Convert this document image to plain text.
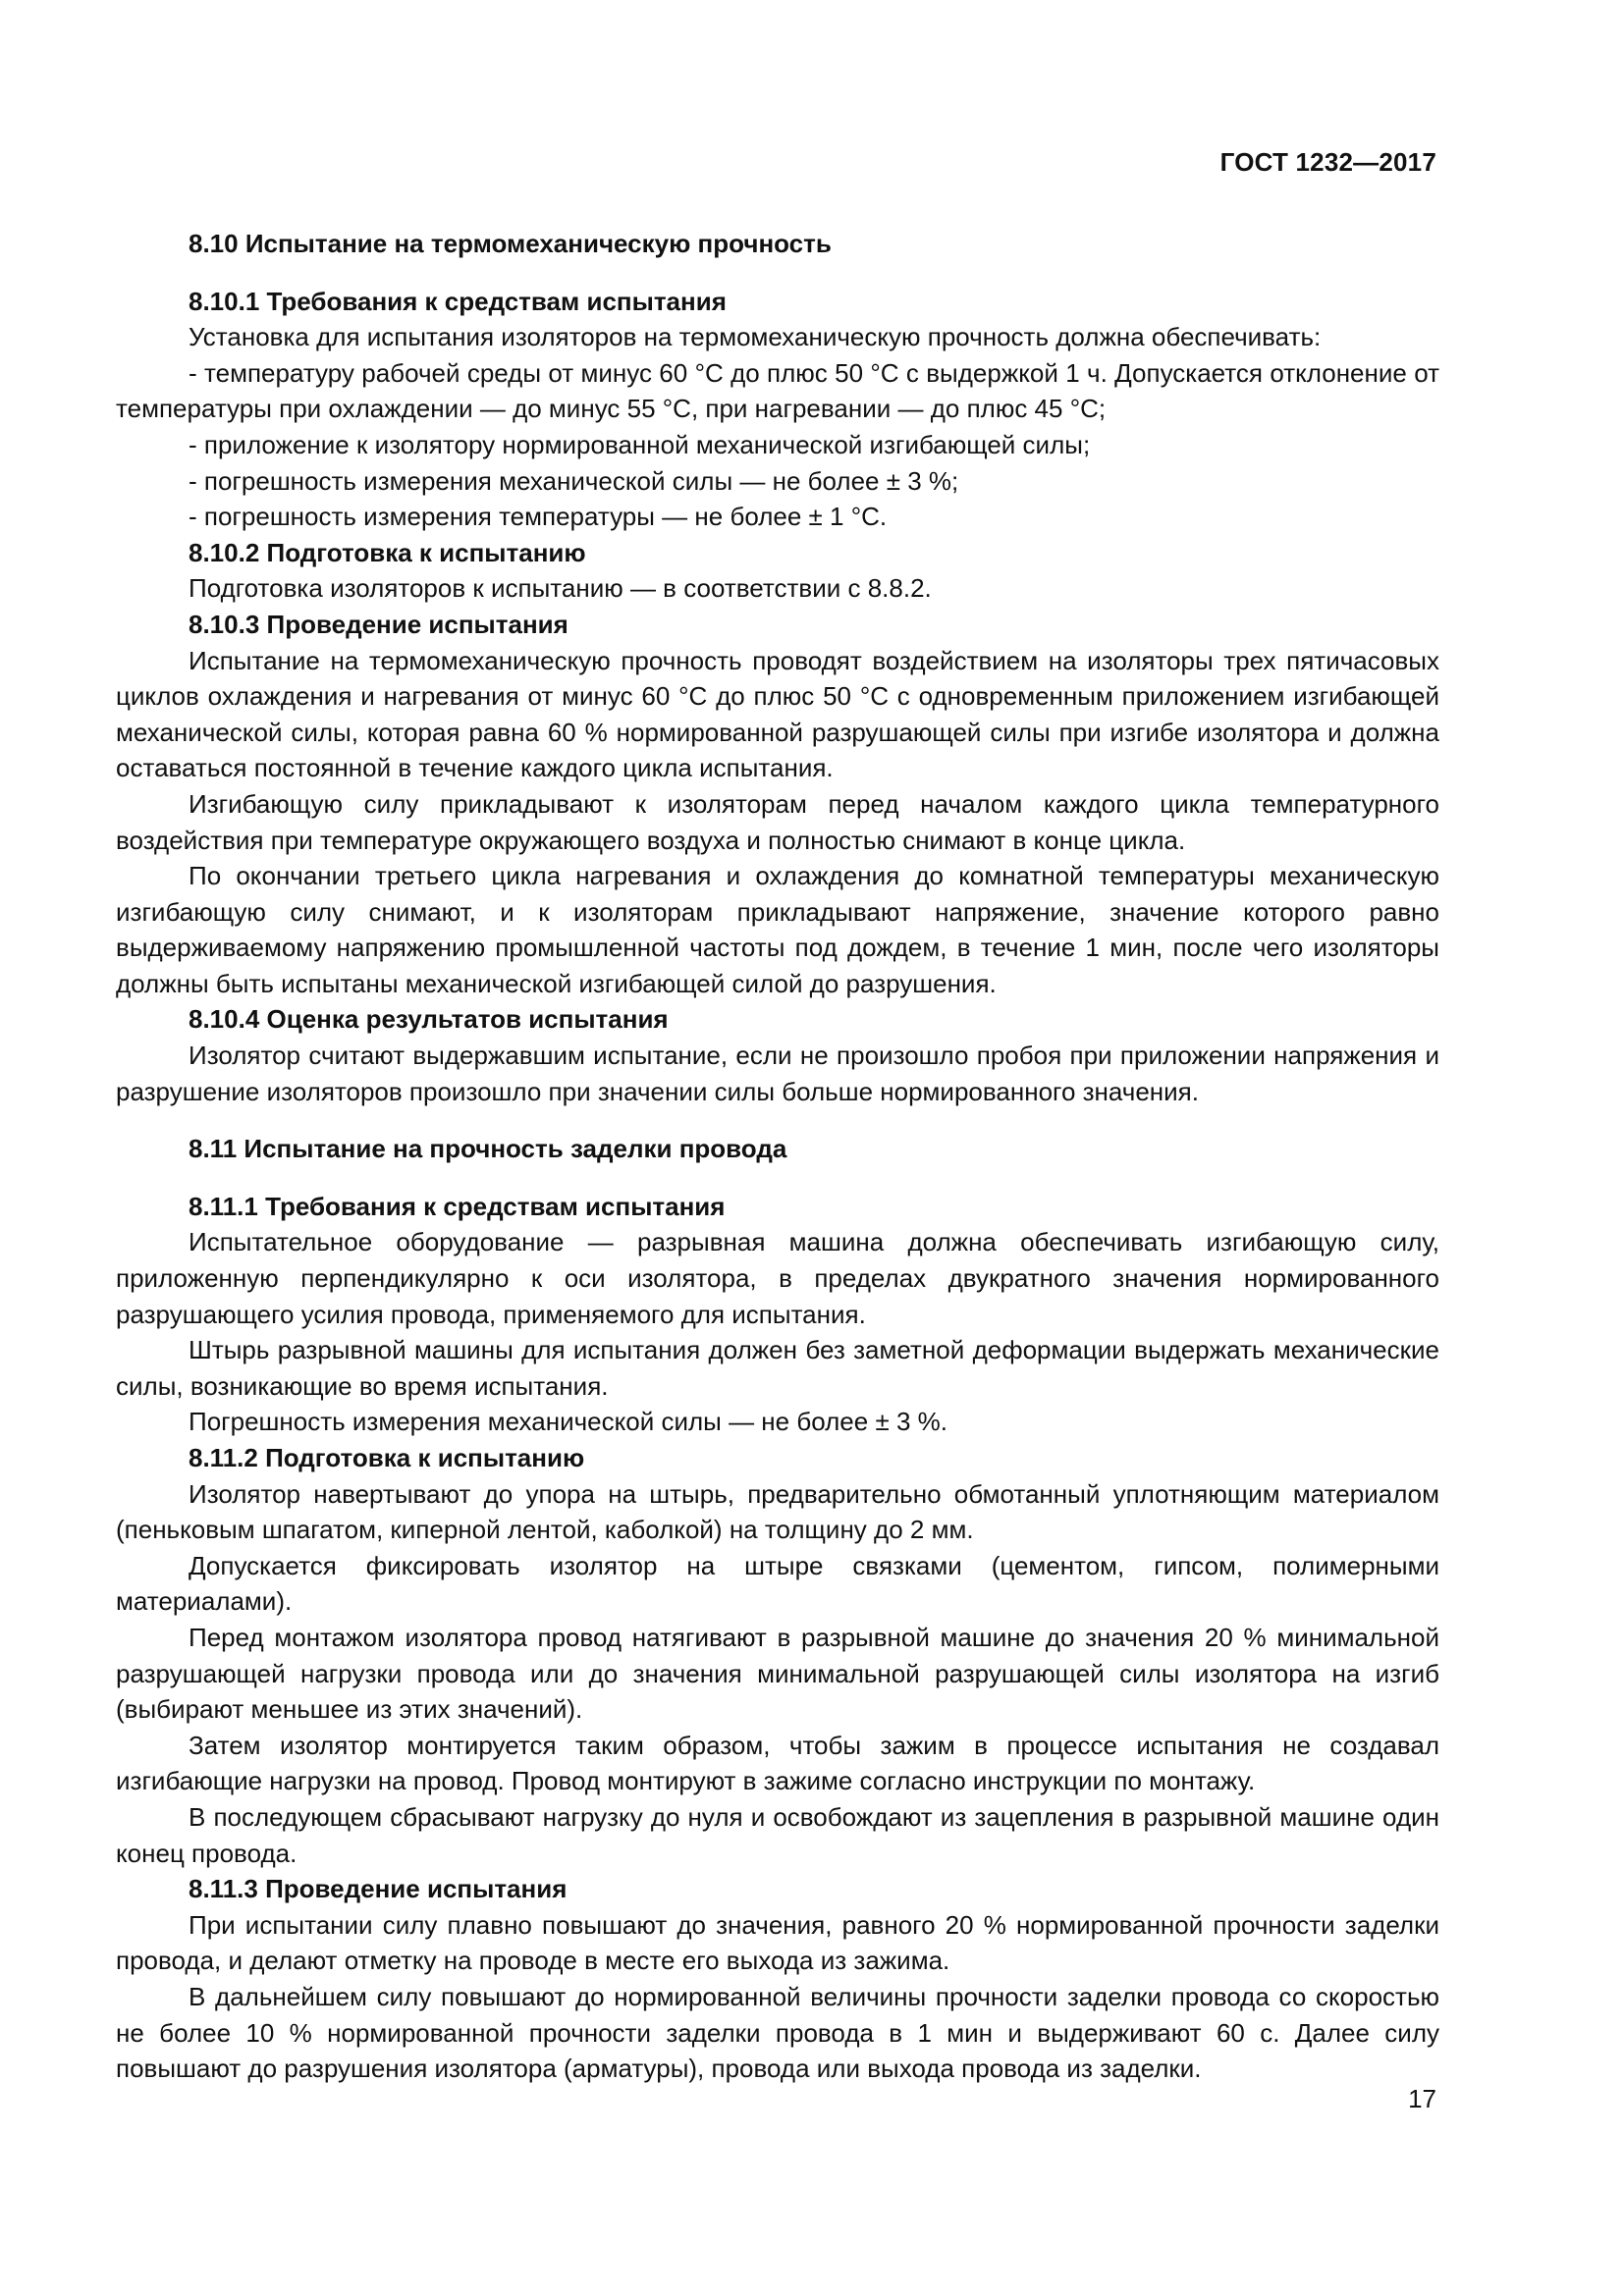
ГОСТ 1232—2017

8.10 Испытание на термомеханическую прочность

8.10.1 Требования к средствам испытания

Установка для испытания изоляторов на термомеханическую прочность должна обеспечивать:

- температуру рабочей среды от минус 60 °С до плюс 50 °С с выдержкой 1 ч. Допускается отклонение от температуры при охлаждении — до минус 55 °С, при нагревании — до плюс 45 °С;

- приложение к изолятору нормированной механической изгибающей силы;

- погрешность измерения механической силы — не более ± 3 %;

- погрешность измерения температуры — не более ± 1 °С.

8.10.2 Подготовка к испытанию

Подготовка изоляторов к испытанию — в соответствии с 8.8.2.

8.10.3 Проведение испытания

Испытание на термомеханическую прочность проводят воздействием на изоляторы трех пятичасовых циклов охлаждения и нагревания от минус 60 °С до плюс 50 °С с одновременным приложением изгибающей механической силы, которая равна 60 % нормированной разрушающей силы при изгибе изолятора и должна оставаться постоянной в течение каждого цикла испытания.

Изгибающую силу прикладывают к изоляторам перед началом каждого цикла температурного воздействия при температуре окружающего воздуха и полностью снимают в конце цикла.

По окончании третьего цикла нагревания и охлаждения до комнатной температуры механическую изгибающую силу снимают, и к изоляторам прикладывают напряжение, значение которого равно выдерживаемому напряжению промышленной частоты под дождем, в течение 1 мин, после чего изоляторы должны быть испытаны механической изгибающей силой до разрушения.

8.10.4 Оценка результатов испытания

Изолятор считают выдержавшим испытание, если не произошло пробоя при приложении напряжения и разрушение изоляторов произошло при значении силы больше нормированного значения.

8.11 Испытание на прочность заделки провода

8.11.1 Требования к средствам испытания

Испытательное оборудование — разрывная машина должна обеспечивать изгибающую силу, приложенную перпендикулярно к оси изолятора, в пределах двукратного значения нормированного разрушающего усилия провода, применяемого для испытания.

Штырь разрывной машины для испытания должен без заметной деформации выдержать механические силы, возникающие во время испытания.

Погрешность измерения механической силы — не более ± 3 %.

8.11.2 Подготовка к испытанию

Изолятор навертывают до упора на штырь, предварительно обмотанный уплотняющим материалом (пеньковым шпагатом, киперной лентой, каболкой) на толщину до 2 мм.

Допускается фиксировать изолятор на штыре связками (цементом, гипсом, полимерными материалами).

Перед монтажом изолятора провод натягивают в разрывной машине до значения 20 % минимальной разрушающей нагрузки провода или до значения минимальной разрушающей силы изолятора на изгиб (выбирают меньшее из этих значений).

Затем изолятор монтируется таким образом, чтобы зажим в процессе испытания не создавал изгибающие нагрузки на провод. Провод монтируют в зажиме согласно инструкции по монтажу.

В последующем сбрасывают нагрузку до нуля и освобождают из зацепления в разрывной машине один конец провода.

8.11.3 Проведение испытания

При испытании силу плавно повышают до значения, равного 20 % нормированной прочности заделки провода, и делают отметку на проводе в месте его выхода из зажима.

В дальнейшем силу повышают до нормированной величины прочности заделки провода со скоростью не более 10 % нормированной прочности заделки провода в 1 мин и выдерживают 60 с. Далее силу повышают до разрушения изолятора (арматуры), провода или выхода провода из заделки.

17
